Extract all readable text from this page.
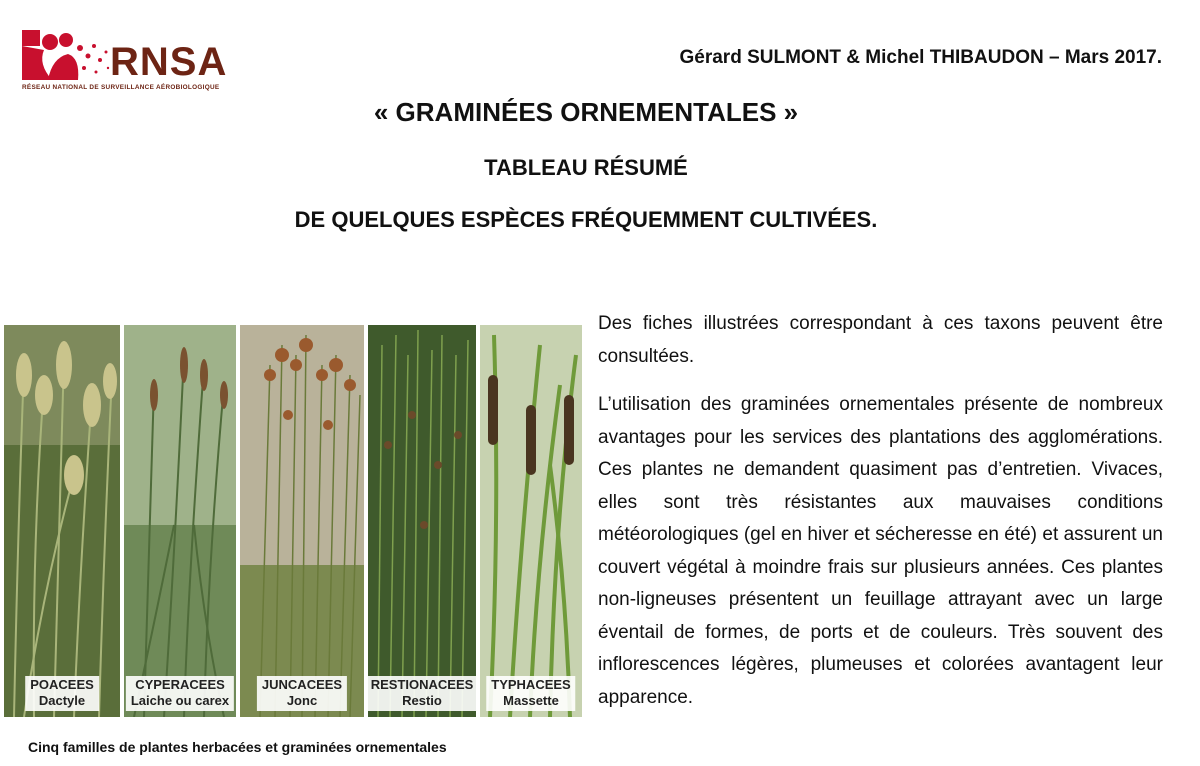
RNSA
RÉSEAU NATIONAL DE SURVEILLANCE AÉROBIOLOGIQUE
Gérard SULMONT & Michel THIBAUDON – Mars 2017.
« GRAMINÉES ORNEMENTALES »
TABLEAU RÉSUMÉ
DE QUELQUES ESPÈCES FRÉQUEMMENT CULTIVÉES.
POACEES
Dactyle
CYPERACEES
Laiche ou carex
JUNCACEES
Jonc
RESTIONACEES
Restio
TYPHACEES
Massette
Cinq familles de plantes herbacées et graminées ornementales

Des fiches illustrées correspondant à ces taxons peuvent être consultées.

L’utilisation des graminées ornementales présente de nombreux avantages pour les services des plantations des agglomérations. Ces plantes ne demandent quasiment pas d’entretien. Vivaces, elles sont très résistantes aux mauvaises conditions météorologiques (gel en hiver et sécheresse en été) et assurent un couvert végétal à moindre frais sur plusieurs années. Ces plantes non-ligneuses présentent un feuillage attrayant avec un large éventail de formes, de ports et de couleurs. Très souvent des inflorescences légères, plumeuses et colorées avantagent leur apparence.
